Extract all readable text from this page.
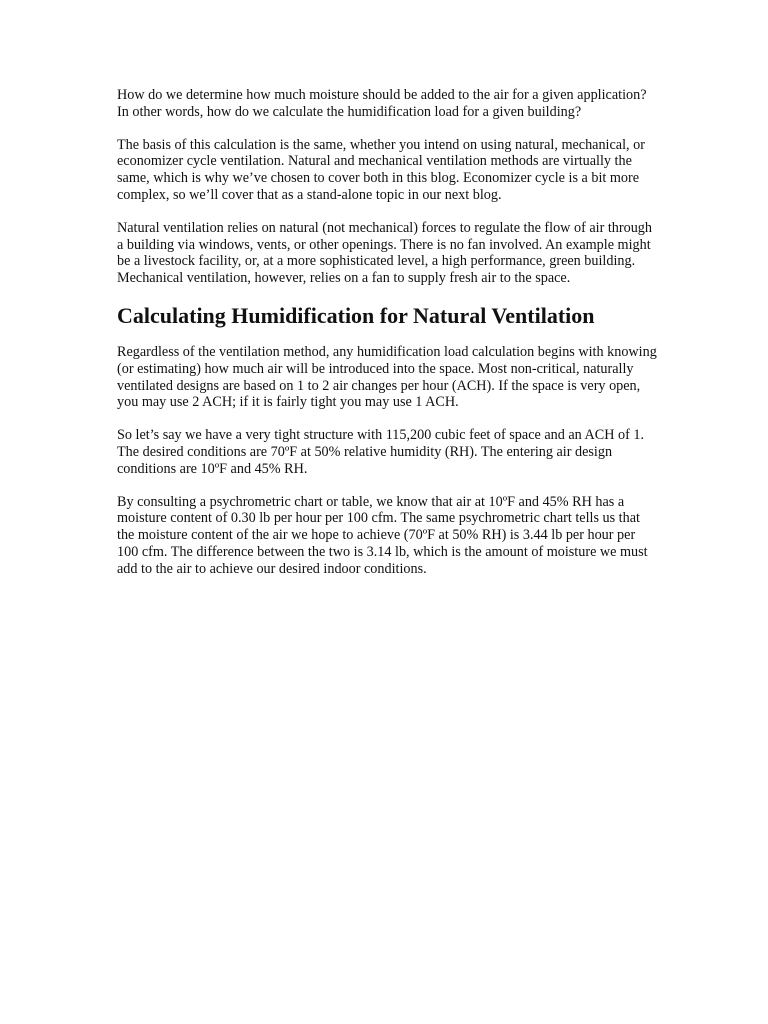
How do we determine how much moisture should be added to the air for a given application? In other words, how do we calculate the humidification load for a given building?

The basis of this calculation is the same, whether you intend on using natural, mechanical, or economizer cycle ventilation. Natural and mechanical ventilation methods are virtually the same, which is why we’ve chosen to cover both in this blog. Economizer cycle is a bit more complex, so we’ll cover that as a stand-alone topic in our next blog.

Natural ventilation relies on natural (not mechanical) forces to regulate the flow of air through a building via windows, vents, or other openings. There is no fan involved. An example might be a livestock facility, or, at a more sophisticated level, a high performance, green building. Mechanical ventilation, however, relies on a fan to supply fresh air to the space.

Calculating Humidification for Natural Ventilation

Regardless of the ventilation method, any humidification load calculation begins with knowing (or estimating) how much air will be introduced into the space. Most non-critical, naturally ventilated designs are based on 1 to 2 air changes per hour (ACH). If the space is very open, you may use 2 ACH; if it is fairly tight you may use 1 ACH.

So let’s say we have a very tight structure with 115,200 cubic feet of space and an ACH of 1. The desired conditions are 70ºF at 50% relative humidity (RH). The entering air design conditions are 10ºF and 45% RH.

By consulting a psychrometric chart or table, we know that air at 10ºF and 45% RH has a moisture content of 0.30 lb per hour per 100 cfm. The same psychrometric chart tells us that the moisture content of the air we hope to achieve (70ºF at 50% RH) is 3.44 lb per hour per 100 cfm. The difference between the two is 3.14 lb, which is the amount of moisture we must add to the air to achieve our desired indoor conditions.
